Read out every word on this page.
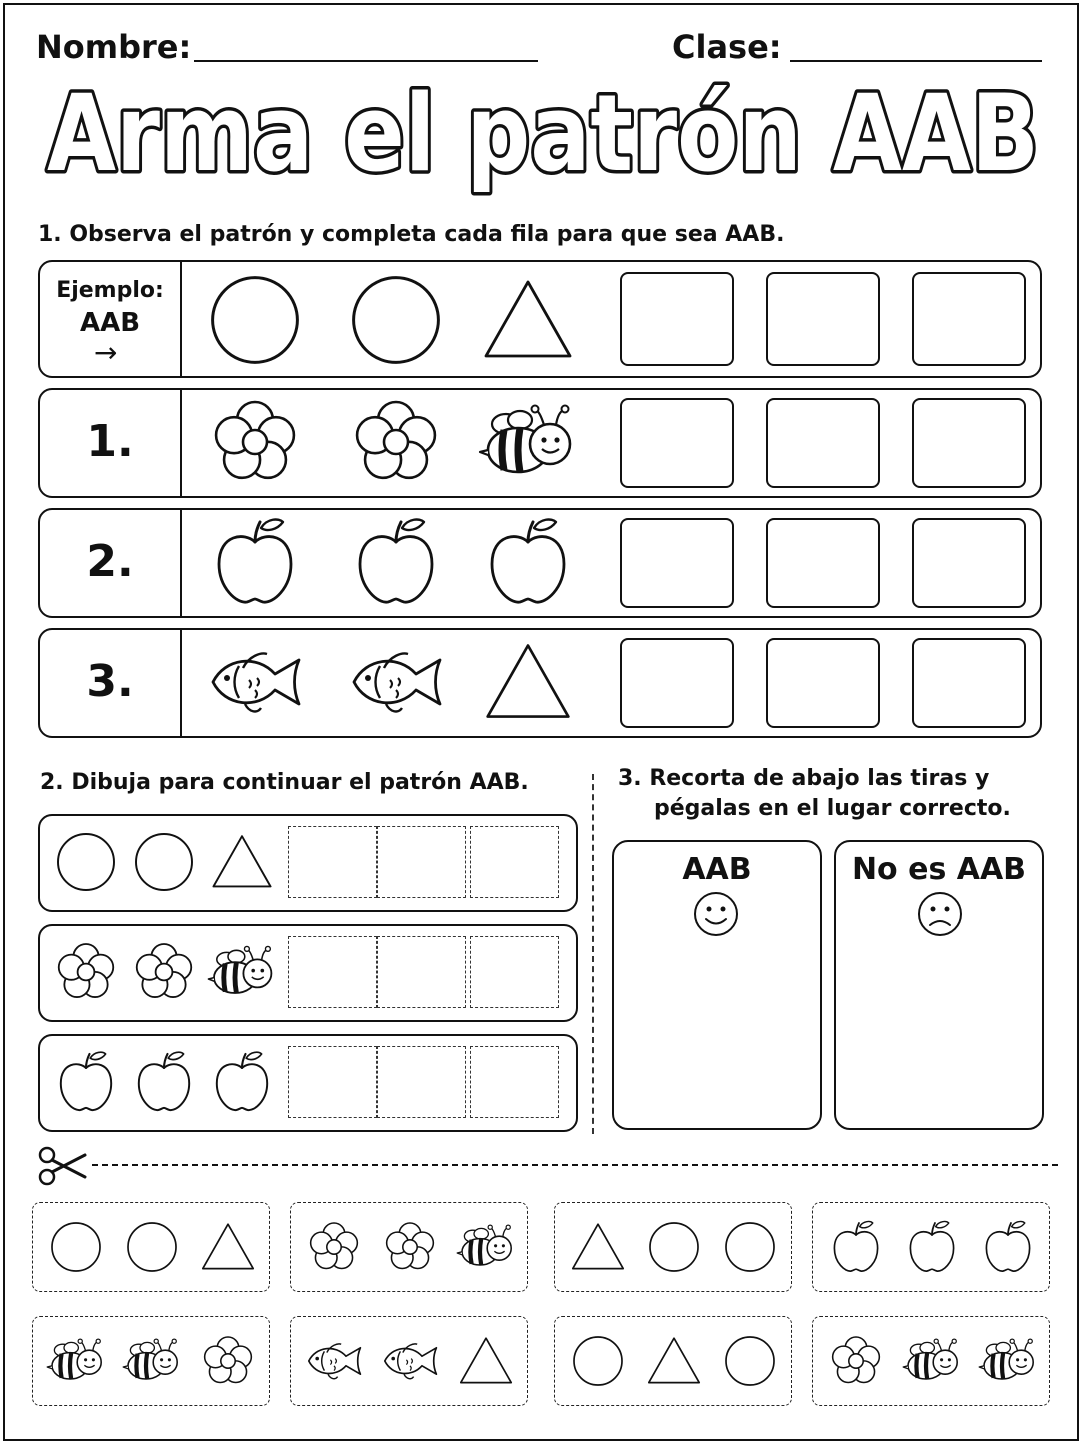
Nombre:	Clase:
Arma el patrón AAB
1. Observa el patrón y completa cada fila para que sea AAB.
Ejemplo:
AAB
→
1.
2.
3.
2. Dibuja para continuar el patrón AAB.	3. Recorta de abajo las tiras y
pégalas en el lugar correcto.
AAB	No es AAB
